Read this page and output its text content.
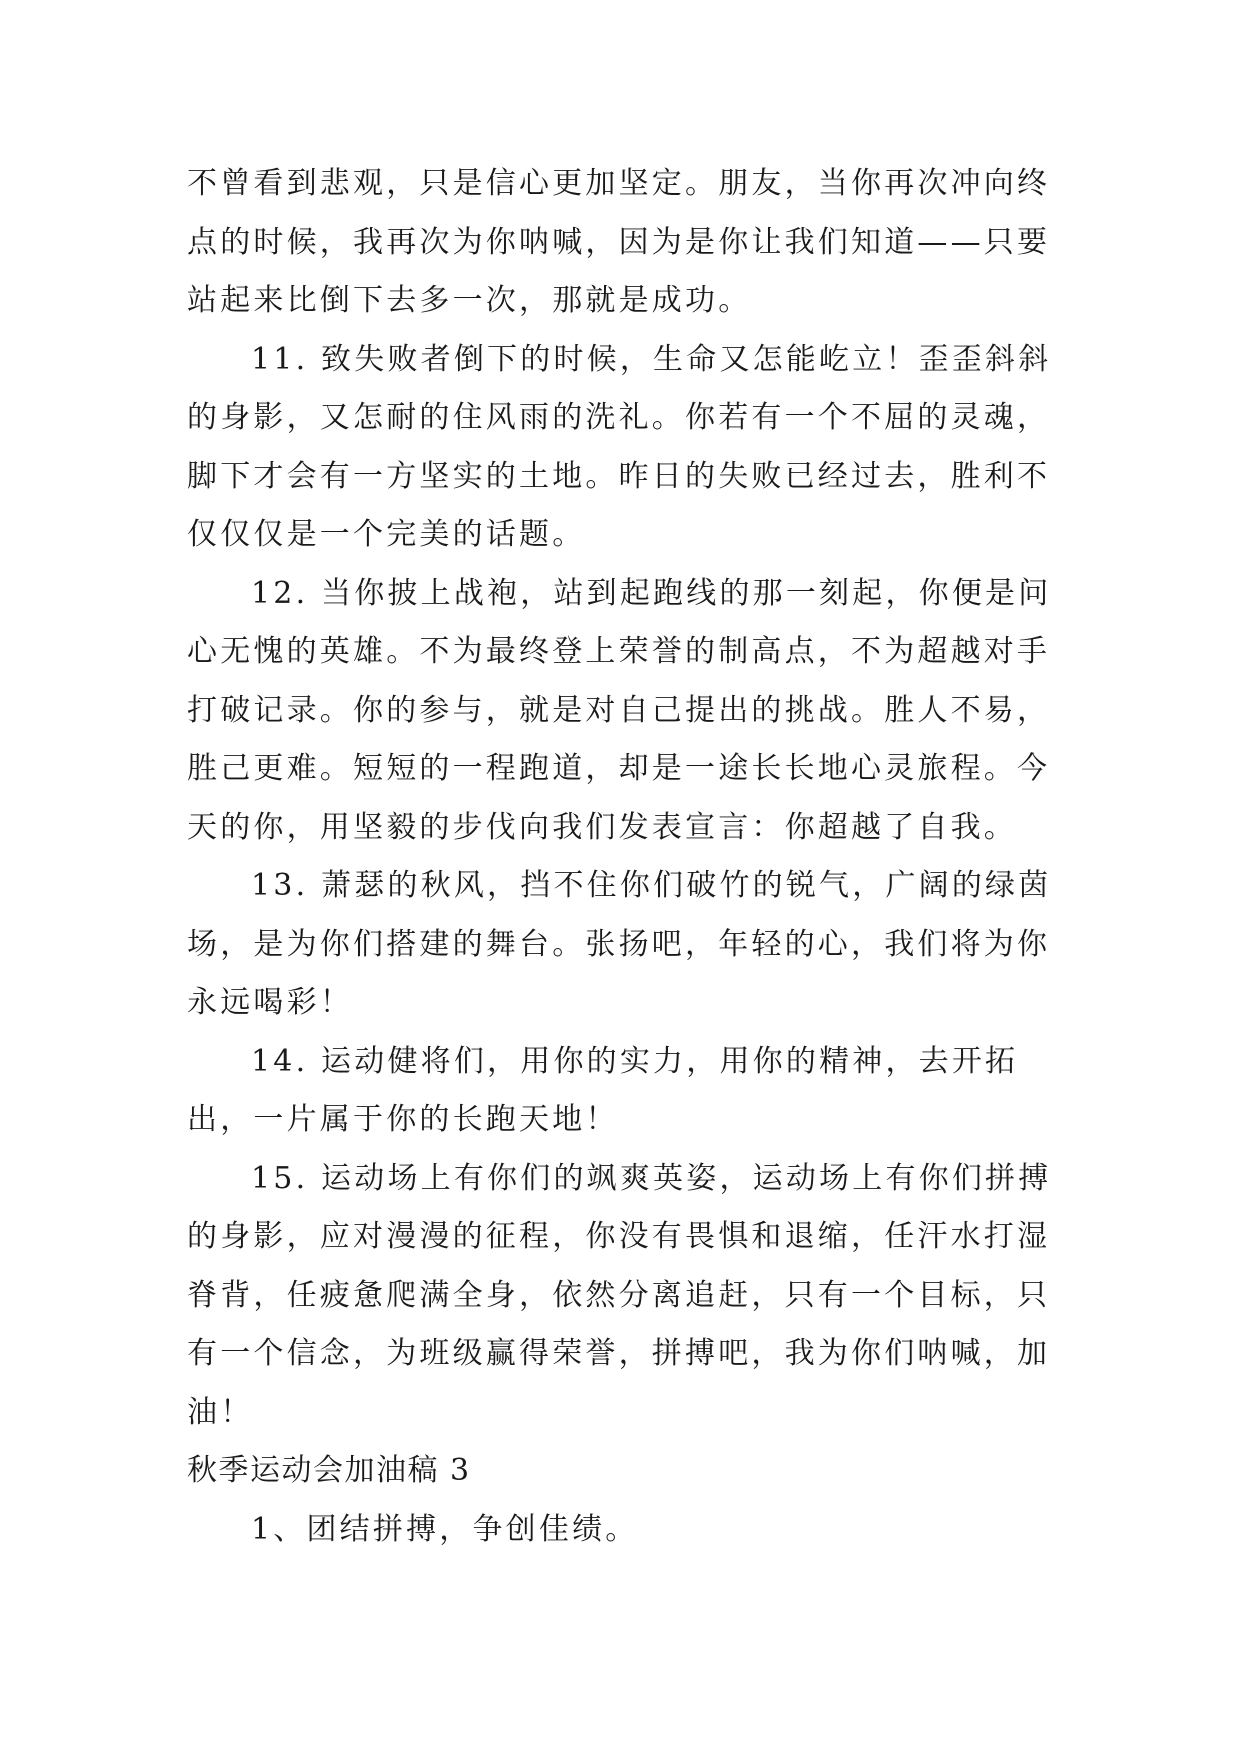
不曾看到悲观，只是信心更加坚定。朋友，当你再次冲向终点的时候，我再次为你呐喊，因为是你让我们知道——只要站起来比倒下去多一次，那就是成功。

11. 致失败者倒下的时候，生命又怎能屹立！歪歪斜斜的身影，又怎耐的住风雨的洗礼。你若有一个不屈的灵魂，脚下才会有一方坚实的土地。昨日的失败已经过去，胜利不仅仅仅是一个完美的话题。

12. 当你披上战袍，站到起跑线的那一刻起，你便是问心无愧的英雄。不为最终登上荣誉的制高点，不为超越对手打破记录。你的参与，就是对自己提出的挑战。胜人不易，胜己更难。短短的一程跑道，却是一途长长地心灵旅程。今天的你，用坚毅的步伐向我们发表宣言：你超越了自我。

13. 萧瑟的秋风，挡不住你们破竹的锐气，广阔的绿茵场，是为你们搭建的舞台。张扬吧，年轻的心，我们将为你永远喝彩！

14. 运动健将们，用你的实力，用你的精神，去开拓出，一片属于你的长跑天地！

15. 运动场上有你们的飒爽英姿，运动场上有你们拼搏的身影，应对漫漫的征程，你没有畏惧和退缩，任汗水打湿脊背，任疲惫爬满全身，依然分离追赶，只有一个目标，只有一个信念，为班级赢得荣誉，拼搏吧，我为你们呐喊，加油！

秋季运动会加油稿 3

1、团结拼搏，争创佳绩。
